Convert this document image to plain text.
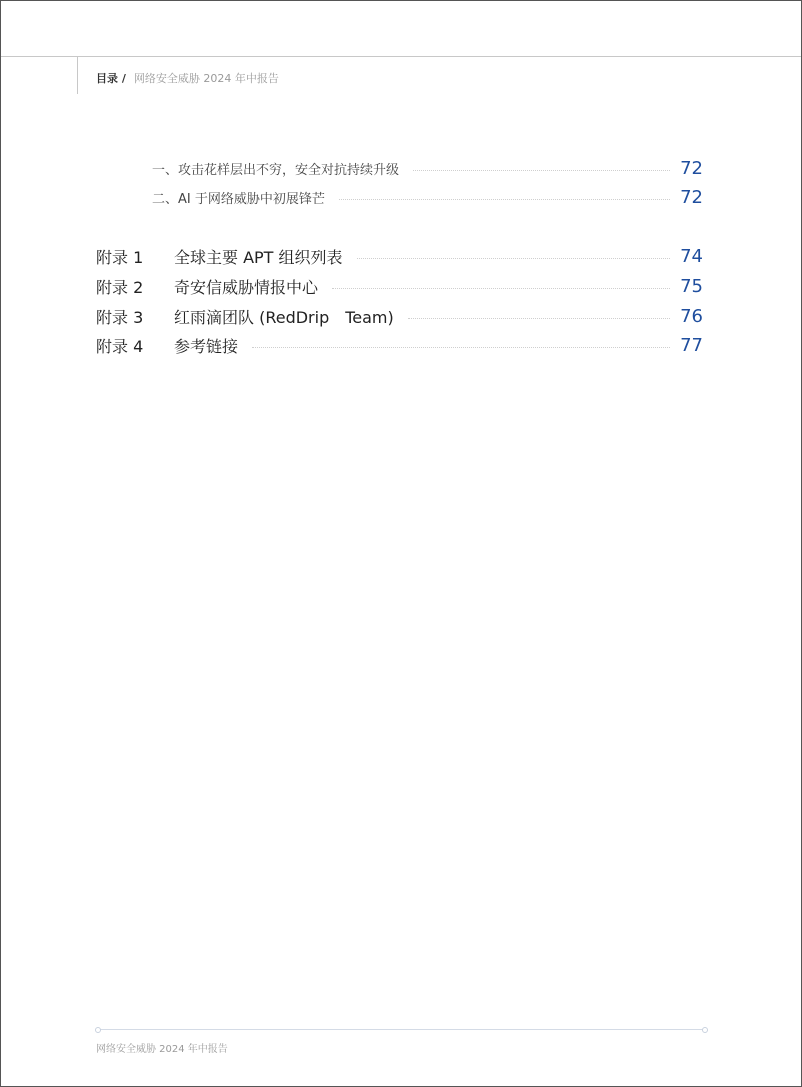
目录 / 网络安全威胁 2024 年中报告
一、攻击花样层出不穷，安全对抗持续升级	72
二、AI 于网络威胁中初展锋芒	72
附录 1	全球主要 APT 组织列表	74
附录 2	奇安信威胁情报中心	75
附录 3	红雨滴团队 (RedDrip　Team)	76
附录 4	参考链接	77
网络安全威胁 2024 年中报告
